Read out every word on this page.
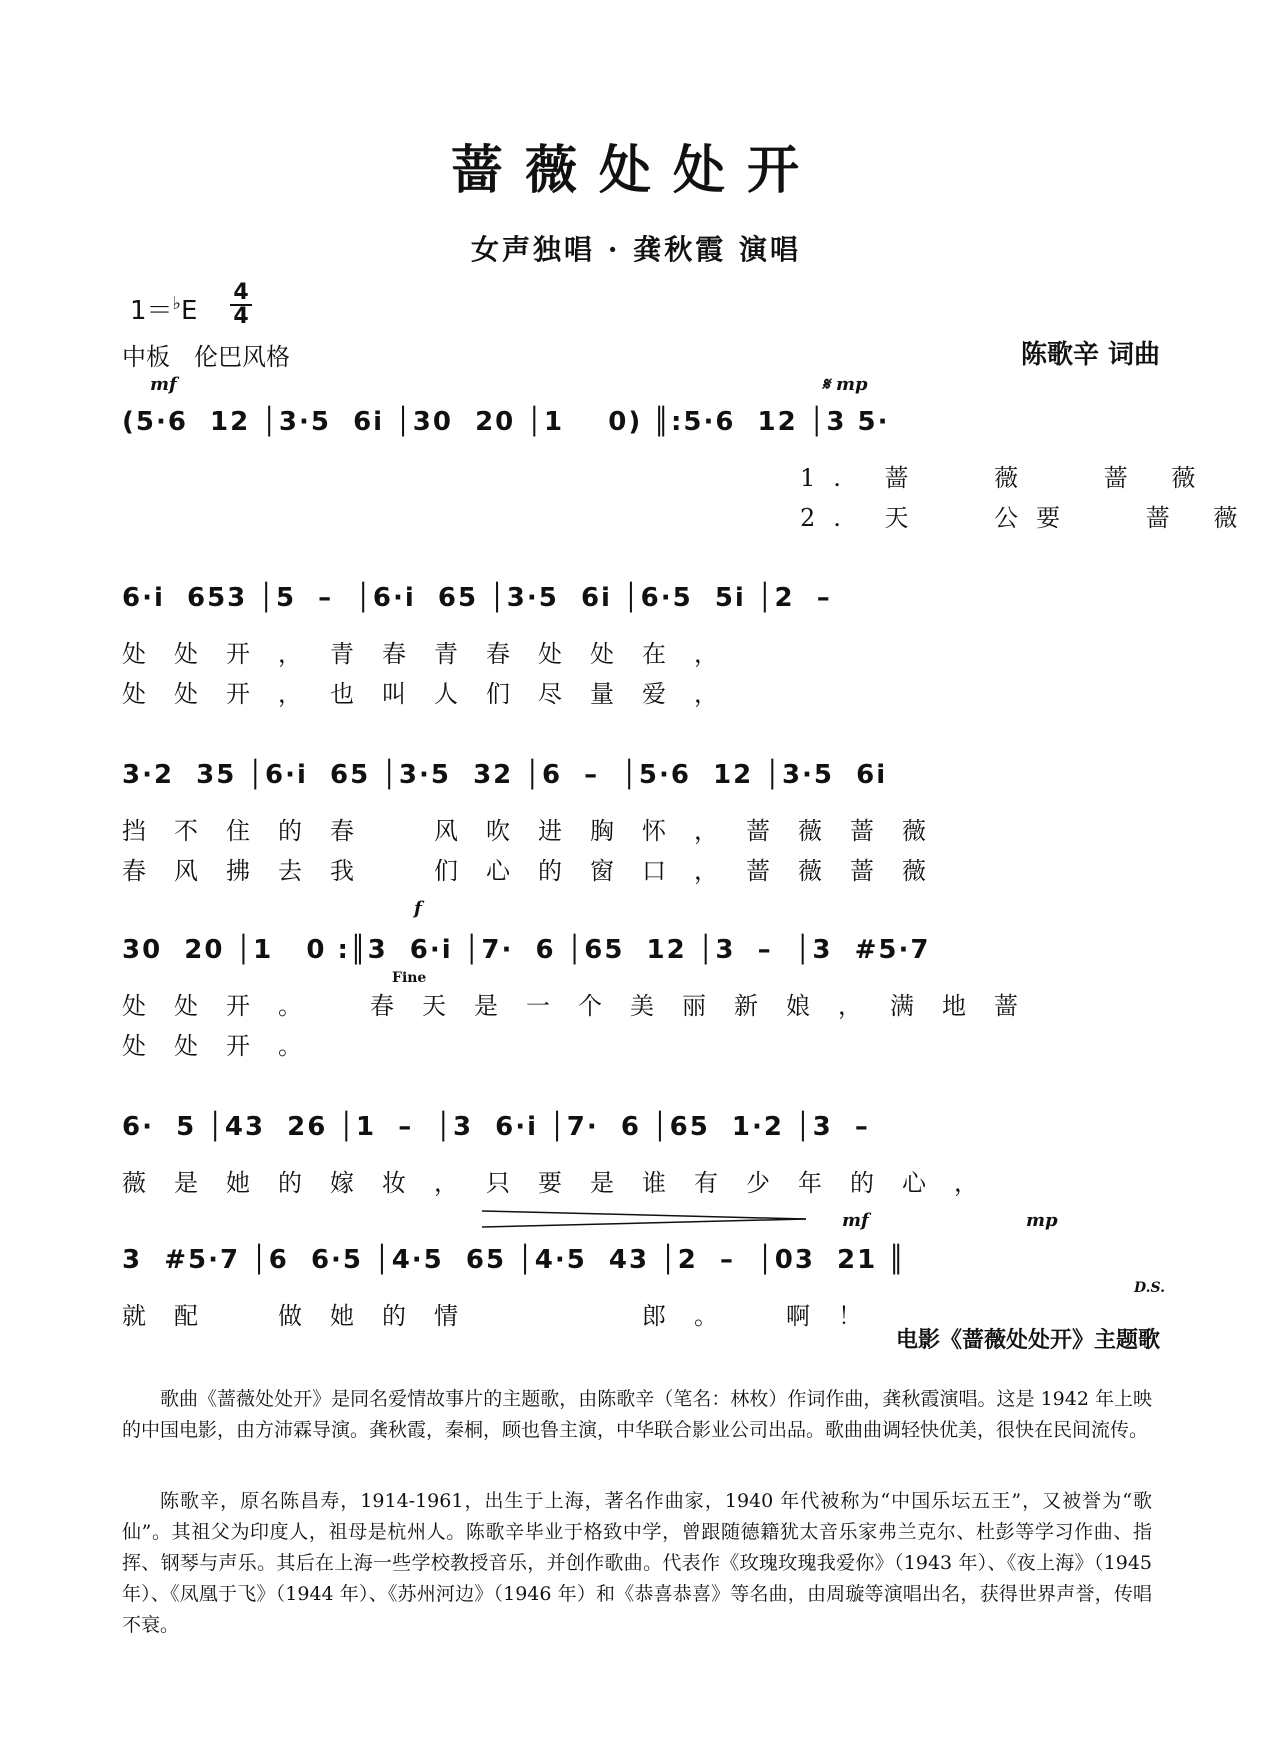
蔷薇处处开
女声独唱 · 龚秋霞 演唱
1＝♭E
4
4
中板　伦巴风格	陈歌辛 词曲
mf	𝄋 mp
(5·6  12 │3·5  6i │30  20 │1    0) ║:5·6  12 │3 5·
1. 蔷　 薇　 蔷 薇
2. 天 　公要 　蔷 薇
6·i  653 │5  –  │6·i  65 │3·5  6i │6·5  5i │2  –
处处开，青春青春处处在，
处处开，也叫人们尽量爱，
3·2  35 │6·i  65 │3·5  32 │6  –  │5·6  12 │3·5  6i
挡不住的春　风吹进胸怀，蔷薇蔷薇
春风拂去我　们心的窗口，蔷薇蔷薇
f
30  20 │1   0 :║3  6·i │7·  6 │65  12 │3  –  │3  #5·7
Fine
处处开。　春天是一个美丽新娘，满地蔷
处处开。
6·  5 │43  26 │1  –  │3  6·i │7·  6 │65  1·2 │3  –
薇是她的嫁妆，只要是谁有少年的心，
mf	mp
3  #5·7 │6  6·5 │4·5  65 │4·5  43 │2  –  │03  21 ║
D.S.
就配　做她的情　　　郎。　啊！
电影《蔷薇处处开》主题歌
歌曲《蔷薇处处开》是同名爱情故事片的主题歌，由陈歌辛（笔名：林枚）作词作曲，龚秋霞演唱。这是 1942 年上映的中国电影，由方沛霖导演。龚秋霞，秦桐，顾也鲁主演，中华联合影业公司出品。歌曲曲调轻快优美，很快在民间流传。
陈歌辛，原名陈昌寿，1914-1961，出生于上海，著名作曲家，1940 年代被称为“中国乐坛五王”，又被誉为“歌仙”。其祖父为印度人，祖母是杭州人。陈歌辛毕业于格致中学，曾跟随德籍犹太音乐家弗兰克尔、杜彭等学习作曲、指挥、钢琴与声乐。其后在上海一些学校教授音乐，并创作歌曲。代表作《玫瑰玫瑰我爱你》（1943 年）、《夜上海》（1945 年）、《凤凰于飞》（1944 年）、《苏州河边》（1946 年）和《恭喜恭喜》等名曲，由周璇等演唱出名，获得世界声誉，传唱不衰。
